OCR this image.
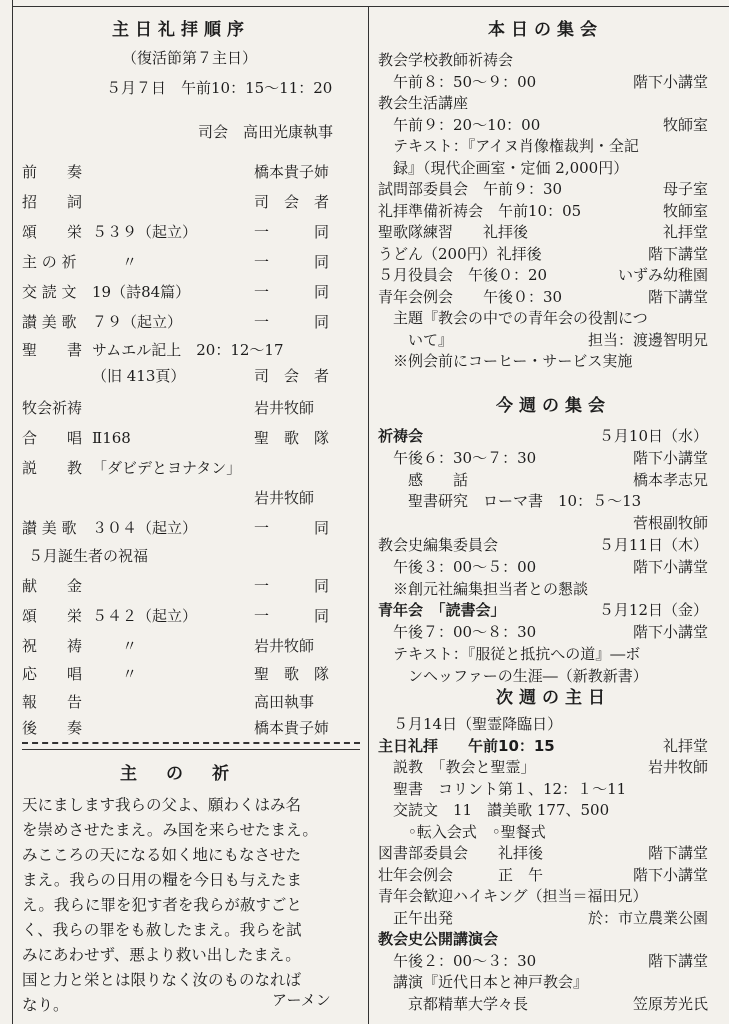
主日礼拝順序
（復活節第７主日）
５月７日　午前10：15～11：20
司会　高田光康執事
前　　奏	橋本貴子姉
招　　詞	司　会　者
頌　　栄 ５３９（起立）	一　　　同
主 の 祈 　　〃	一　　　同
交 読 文 19（詩84篇）	一　　　同
讃 美 歌 ７９（起立）	一　　　同
聖　　書 サムエル記上　20：12～17
（旧 413頁）	司　会　者
牧会祈祷	岩井牧師
合　　唱 Ⅱ168	聖　歌　隊
説　　教 「ダビデとヨナタン」
岩井牧師
讃 美 歌 ３０４（起立）	一　　　同
５月誕生者の祝福
献　　金	一　　　同
頌　　栄 ５４２（起立）	一　　　同
祝　　祷 　　〃	岩井牧師
応　　唱 　　〃	聖　歌　隊
報　　告	高田執事
後　　奏	橋本貴子姉
主　の　祈
天にまします我らの父よ、願わくはみ名
を崇めさせたまえ。み国を来らせたまえ。
みこころの天になる如く地にもなさせた
まえ。我らの日用の糧を今日も与えたま
え。我らに罪を犯す者を我らが赦すごと
く、我らの罪をも赦したまえ。我らを試
みにあわせず、悪より救い出したまえ。
国と力と栄とは限りなく汝のものなれば
なり。	アーメン
本日の集会
教会学校教師祈祷会
　午前８：50～９：00	階下小講堂
教会生活講座
　午前９：20～10：00	牧師室
　テキスト：『アイヌ肖像権裁判・全記
　録』（現代企画室・定価 2,000円）
試問部委員会　午前９：30	母子室
礼拝準備祈祷会　午前10：05	牧師室
聖歌隊練習　　礼拝後	礼拝堂
うどん（200円）礼拝後	階下講堂
５月役員会　午後０：20	いずみ幼稚園
青年会例会　　午後０：30	階下講堂
　主題『教会の中での青年会の役割につ
　　いて』	担当：渡邊智明兄
　※例会前にコーヒー・サービス実施
今週の集会
祈祷会	５月10日（水）
　午後６：30～７：30	階下小講堂
　　感　　話	橋本孝志兄
　　聖書研究　ローマ書　10：５～13
菅根副牧師
教会史編集委員会	５月11日（木）
　午後３：00～５：00	階下小講堂
　※創元社編集担当者との懇談
青年会　「読書会」	５月12日（金）
　午後７：00～８：30	階下小講堂
　テキスト：『服従と抵抗への道』―ボ
　　ンヘッファーの生涯―（新教新書）
次週の主日
　５月14日（聖霊降臨日）
主日礼拝　　午前10：15	礼拝堂
　説教　「教会と聖霊」	岩井牧師
　聖書　コリント第１、12：１～11
　交読文　11　讃美歌 177、500
　　◦転入会式　◦聖餐式
図書部委員会　　礼拝後	階下講堂
壮年会例会　　　正　午	階下小講堂
青年会歓迎ハイキング（担当＝福田兄）
　正午出発	於：市立農業公園
教会史公開講演会
　午後２：00～３：30	階下講堂
　講演『近代日本と神戸教会』
　　京都精華大学々長	笠原芳光氏
